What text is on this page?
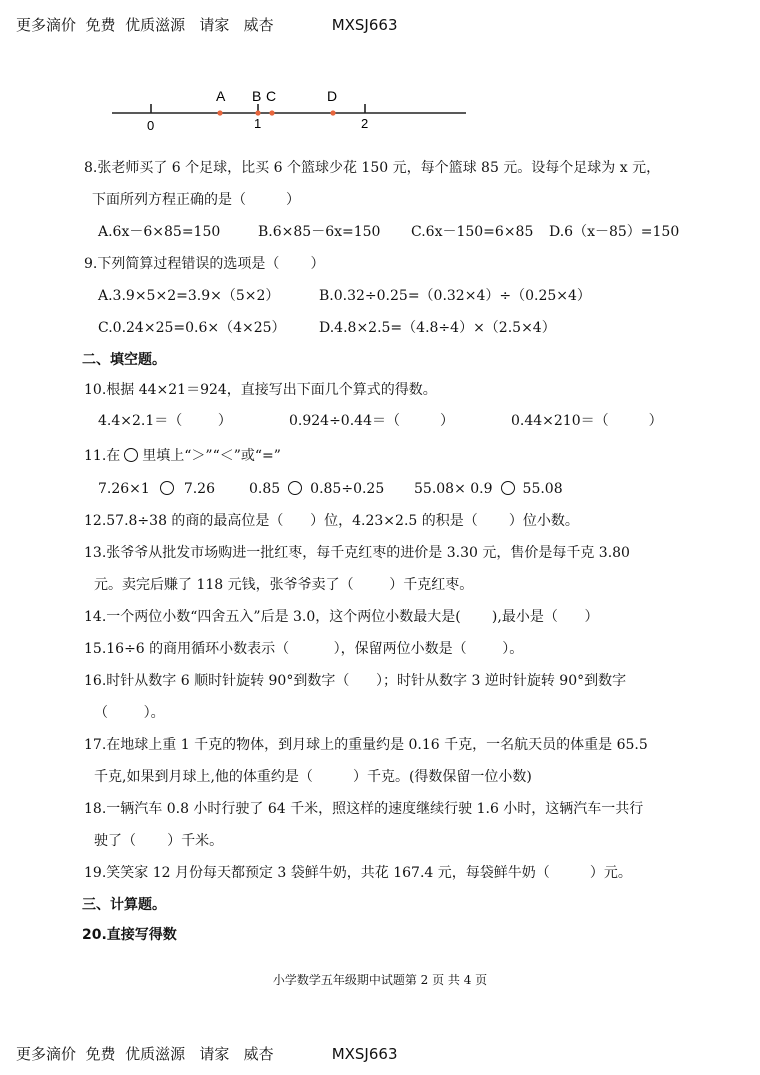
更多滴价  免费  优质滋源   请家   威杏	MXSJ663
0	1	2
A B C	D
8.张老师买了 6 个足球，比买 6 个篮球少花 150 元，每个篮球 85 元。设每个足球为 x 元，
下面所列方程正确的是（         ）
A.6x－6×85=150	B.6×85－6x=150 C.6x－150=6×85 D.6（x－85）=150
9.下列简算过程错误的选项是（       ）
A.3.9×5×2=3.9×（5×2）	B.0.32÷0.25=（0.32×4）÷（0.25×4）
C.0.24×25=0.6×（4×25） D.4.8×2.5=（4.8÷4）×（2.5×4）
二、填空题。
10.根据 44×21＝924，直接写出下面几个算式的得数。
4.4×2.1＝（        ）	0.924÷0.44＝（         ）	0.44×210＝（         ）
11.在 里填上“＞”“＜”或“=”
7.26×1 7.26 0.85 0.85÷0.25 55.08× 0.9 55.08
12.57.8÷38 的商的最高位是（      ）位，4.23×2.5 的积是（       ）位小数。
13.张爷爷从批发市场购进一批红枣，每千克红枣的进价是 3.30 元，售价是每千克 3.80
元。卖完后赚了 118 元钱，张爷爷卖了（        ）千克红枣。
14.一个两位小数“四舍五入”后是 3.0，这个两位小数最大是(       ),最小是（      ）
15.16÷6 的商用循环小数表示（          ），保留两位小数是（        ）。
16.时针从数字 6 顺时针旋转 90°到数字（      ）；时针从数字 3 逆时针旋转 90°到数字
（        ）。
17.在地球上重 1 千克的物体，到月球上的重量约是 0.16 千克，一名航天员的体重是 65.5
千克,如果到月球上,他的体重约是（         ）千克。(得数保留一位小数)
18.一辆汽车 0.8 小时行驶了 64 千米，照这样的速度继续行驶 1.6 小时，这辆汽车一共行
驶了（       ）千米。
19.笑笑家 12 月份每天都预定 3 袋鲜牛奶，共花 167.4 元，每袋鲜牛奶（         ）元。
三、计算题。
20.直接写得数
小学数学五年级期中试题第 2 页 共 4 页
更多滴价  免费  优质滋源   请家   威杏	MXSJ663
